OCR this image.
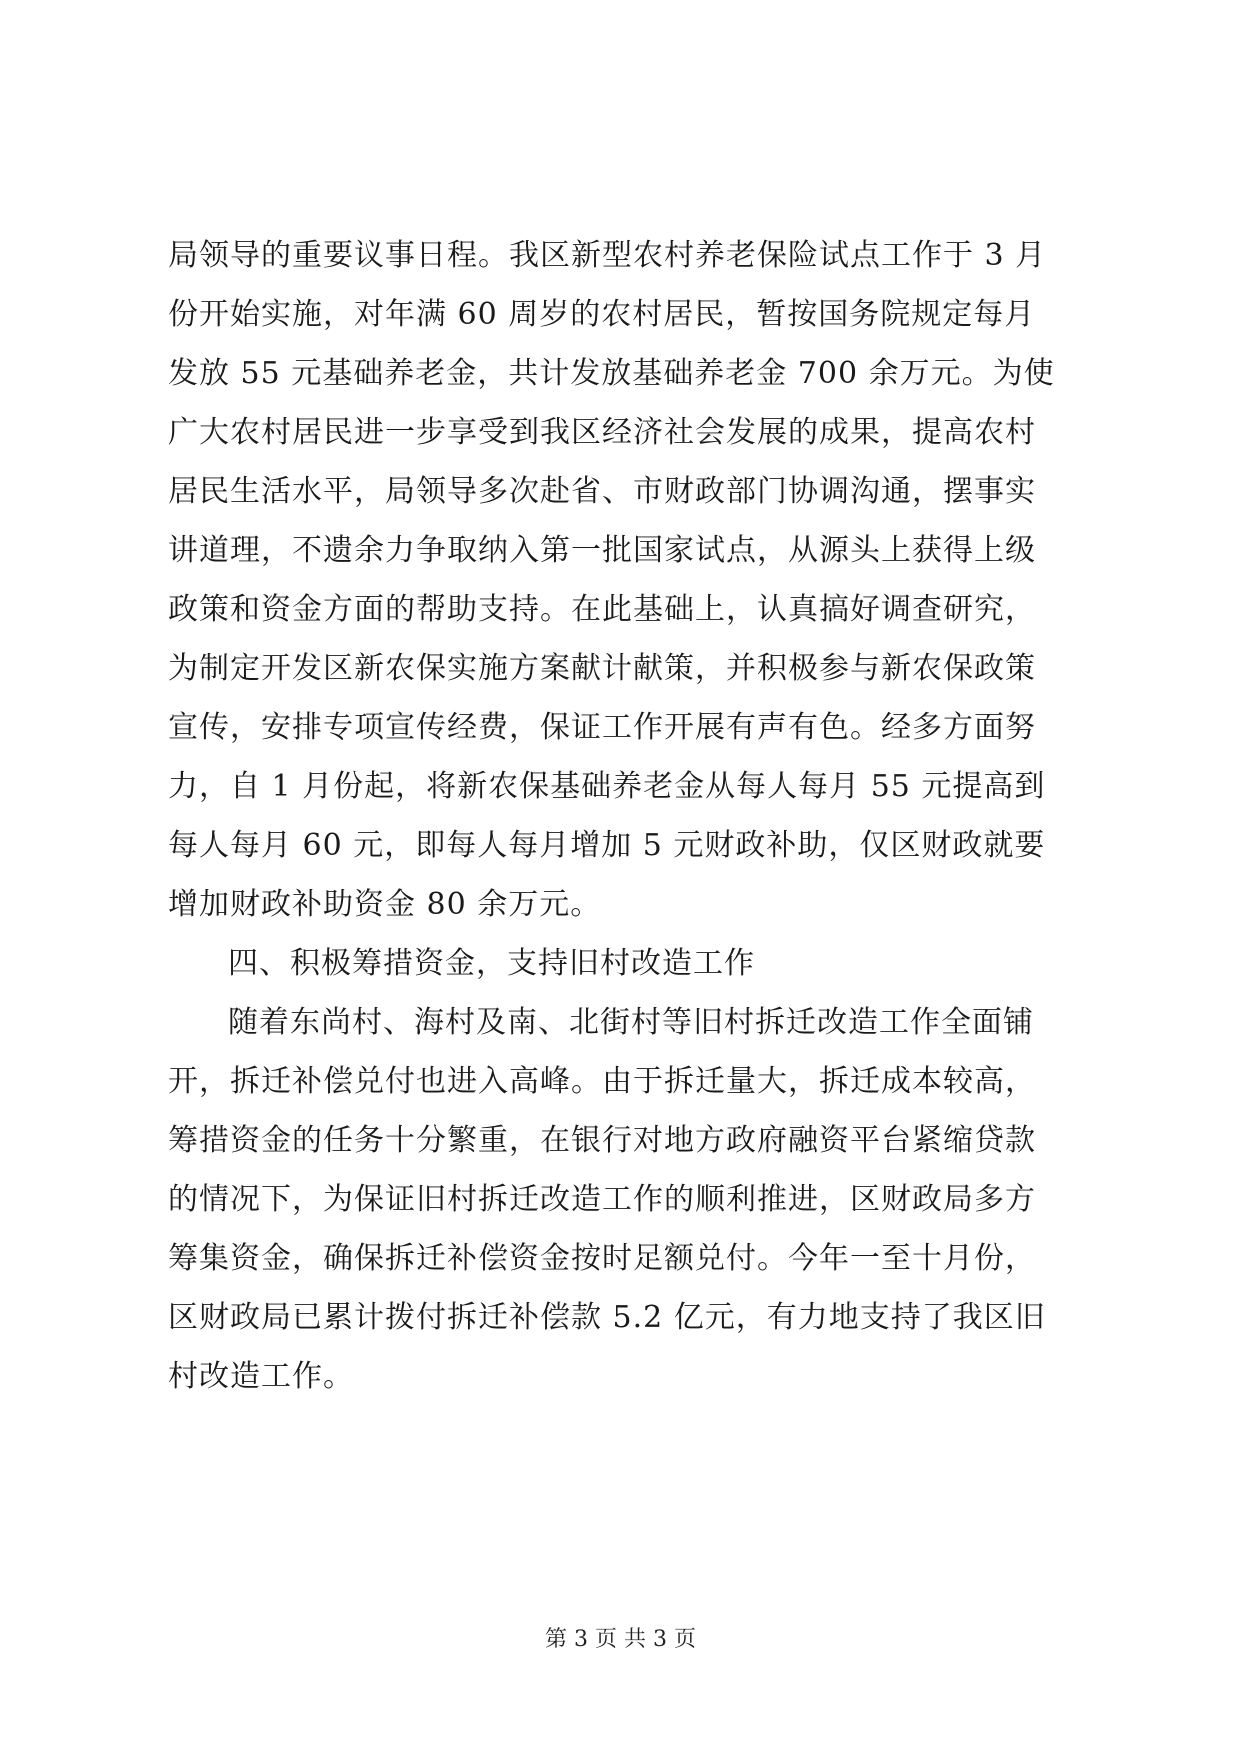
局领导的重要议事日程。我区新型农村养老保险试点工作于 3 月
份开始实施，对年满 60 周岁的农村居民，暂按国务院规定每月
发放 55 元基础养老金，共计发放基础养老金 700 余万元。为使
广大农村居民进一步享受到我区经济社会发展的成果，提高农村
居民生活水平，局领导多次赴省、市财政部门协调沟通，摆事实
讲道理，不遗余力争取纳入第一批国家试点，从源头上获得上级
政策和资金方面的帮助支持。在此基础上，认真搞好调查研究，
为制定开发区新农保实施方案献计献策，并积极参与新农保政策
宣传，安排专项宣传经费，保证工作开展有声有色。经多方面努
力，自 1 月份起，将新农保基础养老金从每人每月 55 元提高到
每人每月 60 元，即每人每月增加 5 元财政补助，仅区财政就要
增加财政补助资金 80 余万元。
四、积极筹措资金，支持旧村改造工作
随着东尚村、海村及南、北街村等旧村拆迁改造工作全面铺
开，拆迁补偿兑付也进入高峰。由于拆迁量大，拆迁成本较高，
筹措资金的任务十分繁重，在银行对地方政府融资平台紧缩贷款
的情况下，为保证旧村拆迁改造工作的顺利推进，区财政局多方
筹集资金，确保拆迁补偿资金按时足额兑付。今年一至十月份，
区财政局已累计拨付拆迁补偿款 5.2 亿元，有力地支持了我区旧
村改造工作。
第 3 页 共 3 页
